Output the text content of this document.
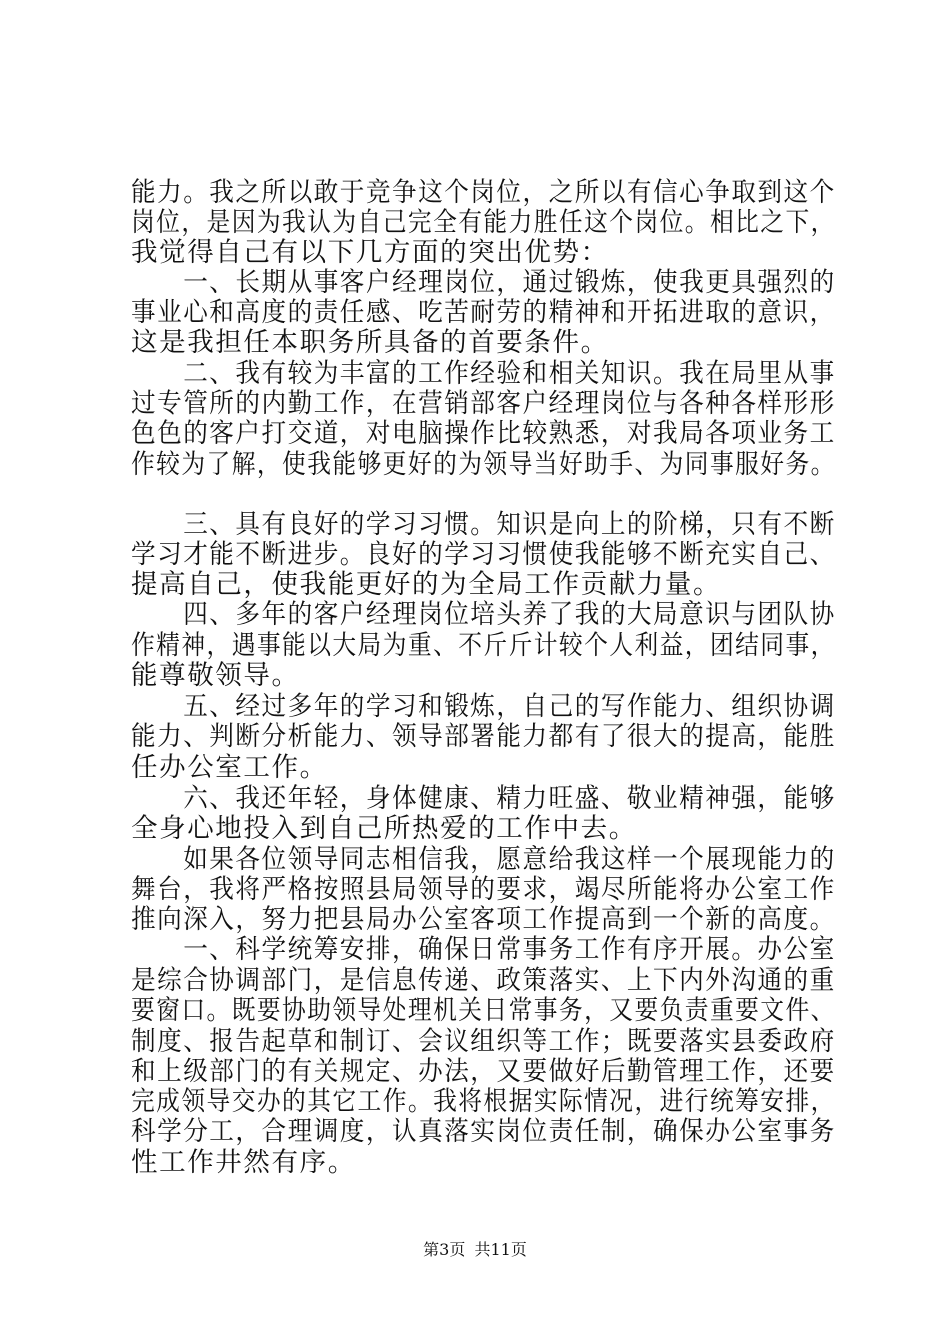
能力。我之所以敢于竞争这个岗位，之所以有信心争取到这个
岗位，是因为我认为自己完全有能力胜任这个岗位。相比之下，
我觉得自己有以下几方面的突出优势：
　　一、长期从事客户经理岗位，通过锻炼，使我更具强烈的
事业心和高度的责任感、吃苦耐劳的精神和开拓进取的意识，
这是我担任本职务所具备的首要条件。
　　二、我有较为丰富的工作经验和相关知识。我在局里从事
过专管所的内勤工作，在营销部客户经理岗位与各种各样形形
色色的客户打交道，对电脑操作比较熟悉，对我局各项业务工
作较为了解，使我能够更好的为领导当好助手、为同事服好务。
　　三、具有良好的学习习惯。知识是向上的阶梯，只有不断
学习才能不断进步。良好的学习习惯使我能够不断充实自己、
提高自己，使我能更好的为全局工作贡献力量。
　　四、多年的客户经理岗位培头养了我的大局意识与团队协
作精神，遇事能以大局为重、不斤斤计较个人利益，团结同事，
能尊敬领导。
　　五、经过多年的学习和锻炼，自己的写作能力、组织协调
能力、判断分析能力、领导部署能力都有了很大的提高，能胜
任办公室工作。
　　六、我还年轻，身体健康、精力旺盛、敬业精神强，能够
全身心地投入到自己所热爱的工作中去。
　　如果各位领导同志相信我，愿意给我这样一个展现能力的
舞台，我将严格按照县局领导的要求，竭尽所能将办公室工作
推向深入，努力把县局办公室客项工作提高到一个新的高度。
　　一、科学统筹安排，确保日常事务工作有序开展。办公室
是综合协调部门，是信息传递、政策落实、上下内外沟通的重
要窗口。既要协助领导处理机关日常事务，又要负责重要文件、
制度、报告起草和制订、会议组织等工作；既要落实县委政府
和上级部门的有关规定、办法，又要做好后勤管理工作，还要
完成领导交办的其它工作。我将根据实际情况，进行统筹安排，
科学分工，合理调度，认真落实岗位责任制，确保办公室事务
性工作井然有序。
第3页 共11页
